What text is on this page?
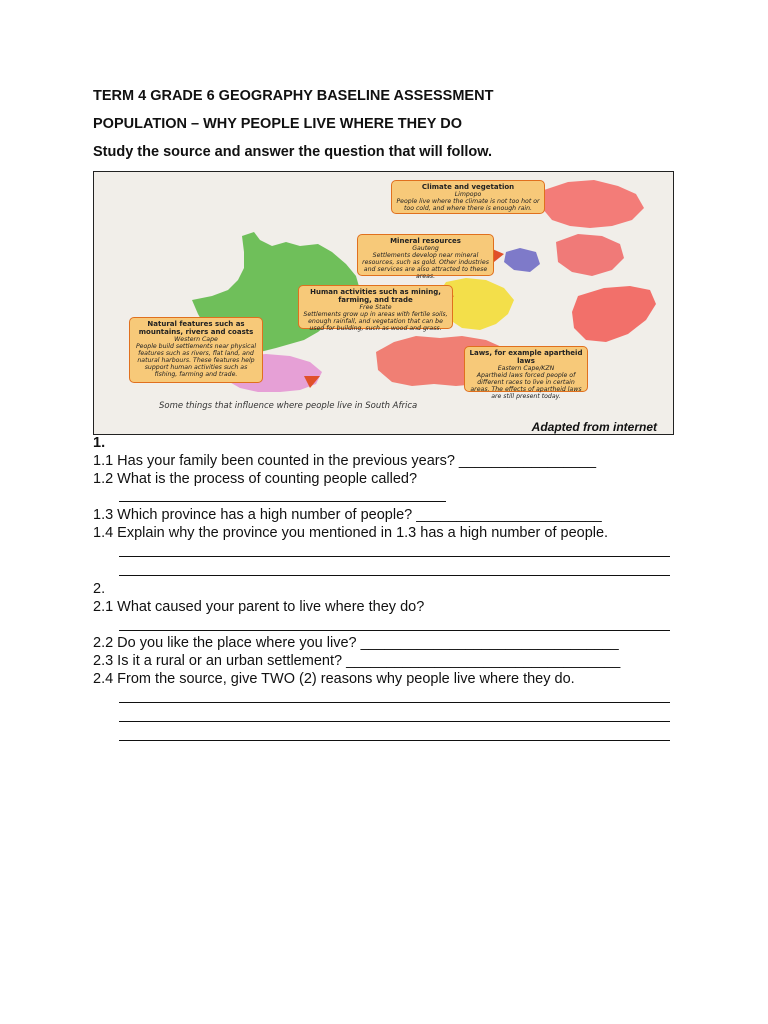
TERM 4 GRADE 6 GEOGRAPHY BASELINE ASSESSMENT
POPULATION – WHY PEOPLE LIVE WHERE THEY DO
Study the source and answer the question that will follow.
Climate and vegetation
Limpopo
People live where the climate is not too hot or too cold, and where there is enough rain.
Mineral resources
Gauteng
Settlements develop near mineral resources, such as gold. Other industries and services are also attracted to these areas.
Human activities such as mining, farming, and trade
Free State
Settlements grow up in areas with fertile soils, enough rainfall, and vegetation that can be used for building, such as wood and grass.
Natural features such as mountains, rivers and coasts
Western Cape
People build settlements near physical features such as rivers, flat land, and natural harbours. These features help support human activities such as fishing, farming and trade.
Laws, for example apartheid laws
Eastern Cape/KZN
Apartheid laws forced people of different races to live in certain areas. The effects of apartheid laws are still present today.
Some things that influence where people live in South Africa
Adapted from internet
1.
1.1 Has your family been counted in the previous years? _________________
1.2 What is the process of counting people called?
1.3 Which province has a high number of people? _______________________
1.4 Explain why the province you mentioned in 1.3 has a high number of people.
2.
2.1 What caused your parent to live where they do?
2.2 Do you like the place where you live? ________________________________
2.3 Is it a rural or an urban settlement? __________________________________
2.4 From the source, give TWO (2) reasons why people live where they do.
